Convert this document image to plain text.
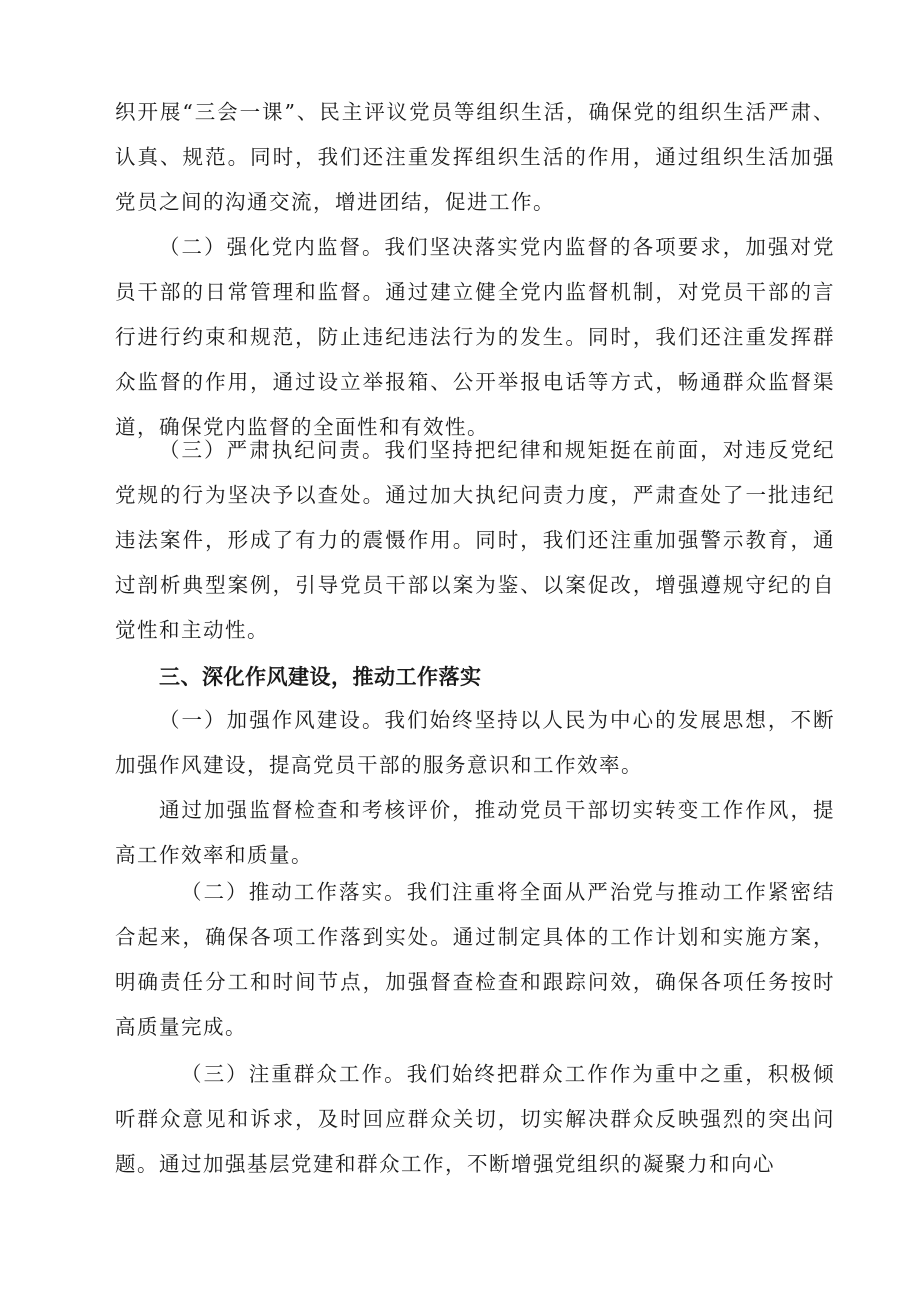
织开展“三会一课”、民主评议党员等组织生活，确保党的组织生活严肃、认真、规范。同时，我们还注重发挥组织生活的作用，通过组织生活加强党员之间的沟通交流，增进团结，促进工作。

（二）强化党内监督。我们坚决落实党内监督的各项要求，加强对党员干部的日常管理和监督。通过建立健全党内监督机制，对党员干部的言行进行约束和规范，防止违纪违法行为的发生。同时，我们还注重发挥群众监督的作用，通过设立举报箱、公开举报电话等方式，畅通群众监督渠道，确保党内监督的全面性和有效性。

（三）严肃执纪问责。我们坚持把纪律和规矩挺在前面，对违反党纪党规的行为坚决予以查处。通过加大执纪问责力度，严肃查处了一批违纪违法案件，形成了有力的震慑作用。同时，我们还注重加强警示教育，通过剖析典型案例，引导党员干部以案为鉴、以案促改，增强遵规守纪的自觉性和主动性。

三、深化作风建设，推动工作落实

（一）加强作风建设。我们始终坚持以人民为中心的发展思想，不断加强作风建设，提高党员干部的服务意识和工作效率。

通过加强监督检查和考核评价，推动党员干部切实转变工作作风，提高工作效率和质量。

（二）推动工作落实。我们注重将全面从严治党与推动工作紧密结合起来，确保各项工作落到实处。通过制定具体的工作计划和实施方案，明确责任分工和时间节点，加强督查检查和跟踪问效，确保各项任务按时高质量完成。

（三）注重群众工作。我们始终把群众工作作为重中之重，积极倾听群众意见和诉求，及时回应群众关切，切实解决群众反映强烈的突出问题。通过加强基层党建和群众工作，不断增强党组织的凝聚力和向心
